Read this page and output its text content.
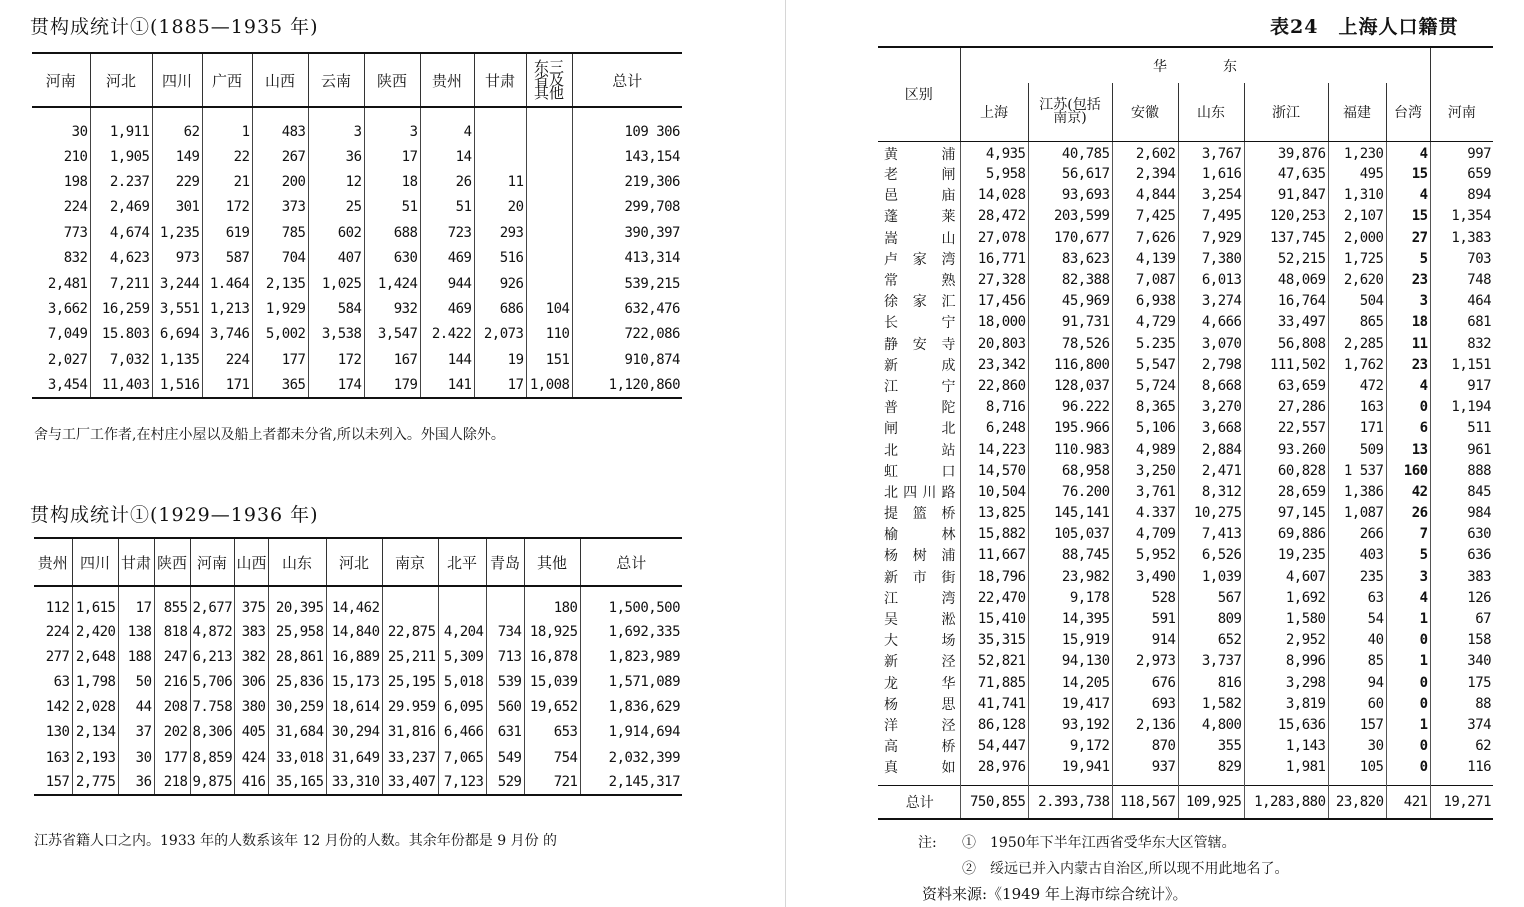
贯构成统计①(1885—1935 年)
河南	河北	四川	广西	山西	云南	陕西	贵州	甘肃	东三省及其他	总计
30	1,911	62	1	483	3	3	4			109 306
210	1,905	149	22	267	36	17	14			143,154
198	2.237	229	21	200	12	18	26	11		219,306
224	2,469	301	172	373	25	51	51	20		299,708
773	4,674	1,235	619	785	602	688	723	293		390,397
832	4,623	973	587	704	407	630	469	516		413,314
2,481	7,211	3,244	1.464	2,135	1,025	1,424	944	926		539,215
3,662	16,259	3,551	1,213	1,929	584	932	469	686	104	632,476
7,049	15.803	6,694	3,746	5,002	3,538	3,547	2.422	2,073	110	722,086
2,027	7,032	1,135	224	177	172	167	144	19	151	910,874
3,454	11,403	1,516	171	365	174	179	141	17	1,008	1,120,860
舍与工厂工作者,在村庄小屋以及船上者都未分省,所以未列入。外国人除外。
贯构成统计①(1929—1936 年)
贵州	四川	甘肃	陕西	河南	山西	山东	河北	南京	北平	青岛	其他	总计
112	1,615	17	855	2,677	375	20,395	14,462				180	1,500,500
224	2,420	138	818	4,872	383	25,958	14,840	22,875	4,204	734	18,925	1,692,335
277	2,648	188	247	6,213	382	28,861	16,889	25,211	5,309	713	16,878	1,823,989
63	1,798	50	216	5,706	306	25,836	15,173	25,195	5,018	539	15,039	1,571,089
142	2,028	44	208	7.758	380	30,259	18,614	29.959	6,095	560	19,652	1,836,629
130	2,134	37	202	8,306	405	31,684	30,294	31,816	6,466	631	653	1,914,694
163	2,193	30	177	8,859	424	33,018	31,649	33,237	7,065	549	754	2,032,399
157	2,775	36	218	9,875	416	35,165	33,310	33,407	7,123	529	721	2,145,317
江苏省籍人口之内。1933 年的人数系该年 12 月份的人数。其余年份都是 9 月份 的
表24　上海人口籍贯
区别	华　　　　东							
	上海	江苏(包括南京)	安徽	山东	浙江	福建	台湾	河南
黄浦	4,935	40,785	2,602	3,767	39,876	1,230	4	997
老闸	5,958	56,617	2,394	1,616	47,635	495	15	659
邑庙	14,028	93,693	4,844	3,254	91,847	1,310	4	894
蓬莱	28,472	203,599	7,425	7,495	120,253	2,107	15	1,354
嵩山	27,078	170,677	7,626	7,929	137,745	2,000	27	1,383
卢家湾	16,771	83,623	4,139	7,380	52,215	1,725	5	703
常熟	27,328	82,388	7,087	6,013	48,069	2,620	23	748
徐家汇	17,456	45,969	6,938	3,274	16,764	504	3	464
长宁	18,000	91,731	4,729	4,666	33,497	865	18	681
静安寺	20,803	78,526	5.235	3,070	56,808	2,285	11	832
新成	23,342	116,800	5,547	2,798	111,502	1,762	23	1,151
江宁	22,860	128,037	5,724	8,668	63,659	472	4	917
普陀	8,716	96.222	8,365	3,270	27,286	163	0	1,194
闸北	6,248	195.966	5,106	3,668	22,557	171	6	511
北站	14,223	110.983	4,989	2,884	93.260	509	13	961
虹口	14,570	68,958	3,250	2,471	60,828	1 537	160	888
北四川路	10,504	76.200	3,761	8,312	28,659	1,386	42	845
提篮桥	13,825	145,141	4.337	10,275	97,145	1,087	26	984
榆林	15,882	105,037	4,709	7,413	69,886	266	7	630
杨树浦	11,667	88,745	5,952	6,526	19,235	403	5	636
新市街	18,796	23,982	3,490	1,039	4,607	235	3	383
江湾	22,470	9,178	528	567	1,692	63	4	126
吴淞	15,410	14,395	591	809	1,580	54	1	67
大场	35,315	15,919	914	652	2,952	40	0	158
新泾	52,821	94,130	2,973	3,737	8,996	85	1	340
龙华	71,885	14,205	676	816	3,298	94	0	175
杨思	41,741	19,417	693	1,582	3,819	60	0	88
洋泾	86,128	93,192	2,136	4,800	15,636	157	1	374
高桥	54,447	9,172	870	355	1,143	30	0	62
真如	28,976	19,941	937	829	1,981	105	0	116
总计	750,855	2.393,738	118,567	109,925	1,283,880	23,820	421	19,271
注: ①　1950年下半年江西省受华东大区管辖。
②　绥远已并入内蒙古自治区,所以现不用此地名了。
资料来源:《1949 年上海市综合统计》。
